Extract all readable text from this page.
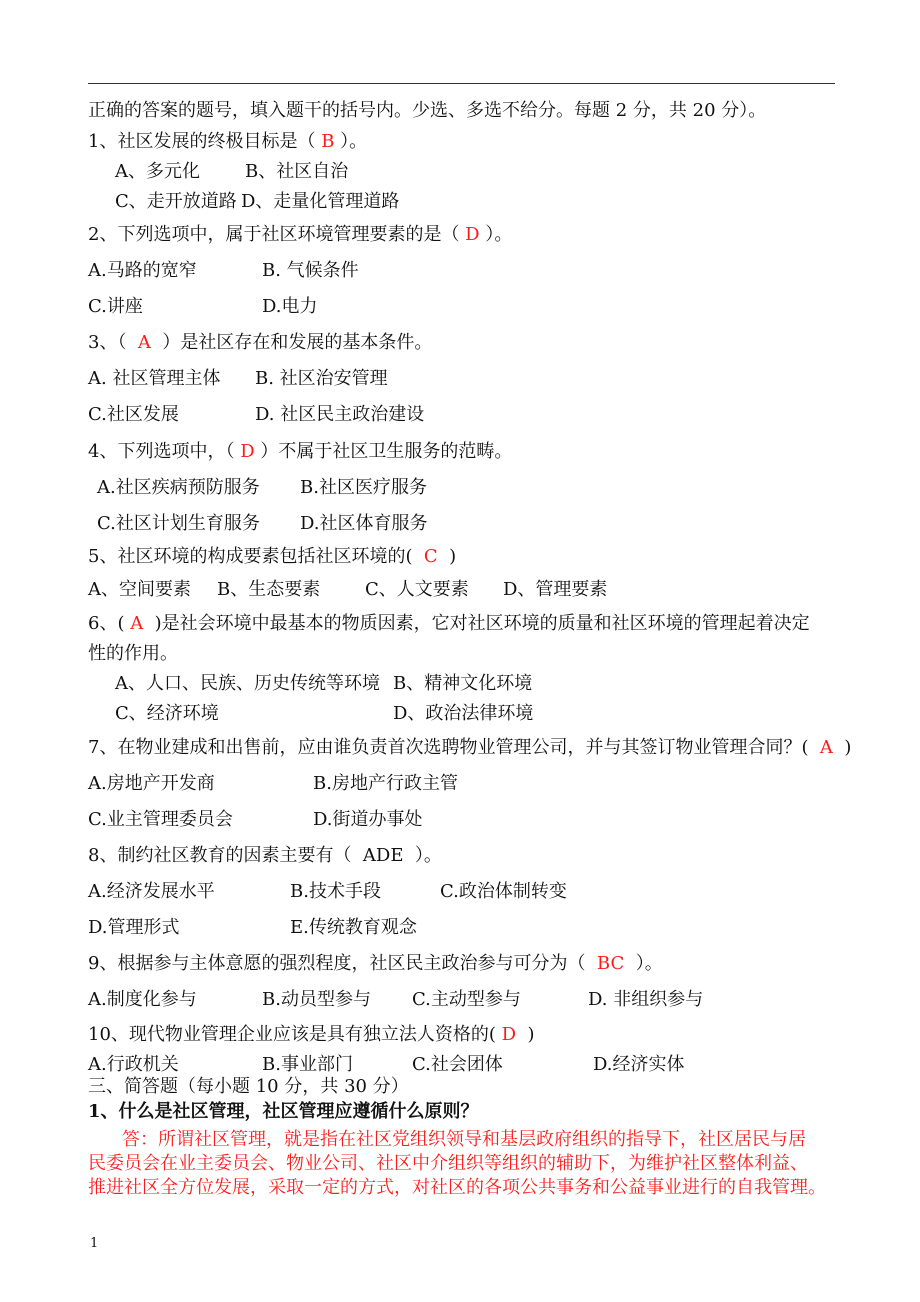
正确的答案的题号，填入题干的括号内。少选、多选不给分。每题 2 分，共 20 分）。
1、社区发展的终极目标是（ B ）。
A、多元化	B、社区自治
C、走开放道路 D、走量化管理道路
2、下列选项中，属于社区环境管理要素的是（ D ）。
A.马路的宽窄	B. 气候条件
C.讲座	D.电力
3、（  A  ）是社区存在和发展的基本条件。
A. 社区管理主体 B. 社区治安管理
C.社区发展	D. 社区民主政治建设
4、下列选项中，（ D ）不属于社区卫生服务的范畴。
A.社区疾病预防服务 B.社区医疗服务
C.社区计划生育服务 D.社区体育服务
5、社区环境的构成要素包括社区环境的(  C  )
A、空间要素 B、生态要素 C、人文要素 D、管理要素
6、( A  )是社会环境中最基本的物质因素，它对社区环境的质量和社区环境的管理起着决定
性的作用。
A、人口、民族、历史传统等环境 B、精神文化环境
C、经济环境	D、政治法律环境
7、在物业建成和出售前，应由谁负责首次选聘物业管理公司，并与其签订物业管理合同？(  A  )
A.房地产开发商	B.房地产行政主管
C.业主管理委员会	D.街道办事处
8、制约社区教育的因素主要有（  ADE  ）。
A.经济发展水平	B.技术手段	C.政治体制转变
D.管理形式	E.传统教育观念
9、根据参与主体意愿的强烈程度，社区民主政治参与可分为（  BC  ）。
A.制度化参与	B.动员型参与 C.主动型参与	D. 非组织参与
10、现代物业管理企业应该是具有独立法人资格的( D  )
A.行政机关	B.事业部门	C.社会团体	D.经济实体
三、简答题（每小题 10 分，共 30 分）
1、什么是社区管理，社区管理应遵循什么原则？
答：所谓社区管理，就是指在社区党组织领导和基层政府组织的指导下，社区居民与居
民委员会在业主委员会、物业公司、社区中介组织等组织的辅助下，为维护社区整体利益、
推进社区全方位发展，采取一定的方式，对社区的各项公共事务和公益事业进行的自我管理。
1
